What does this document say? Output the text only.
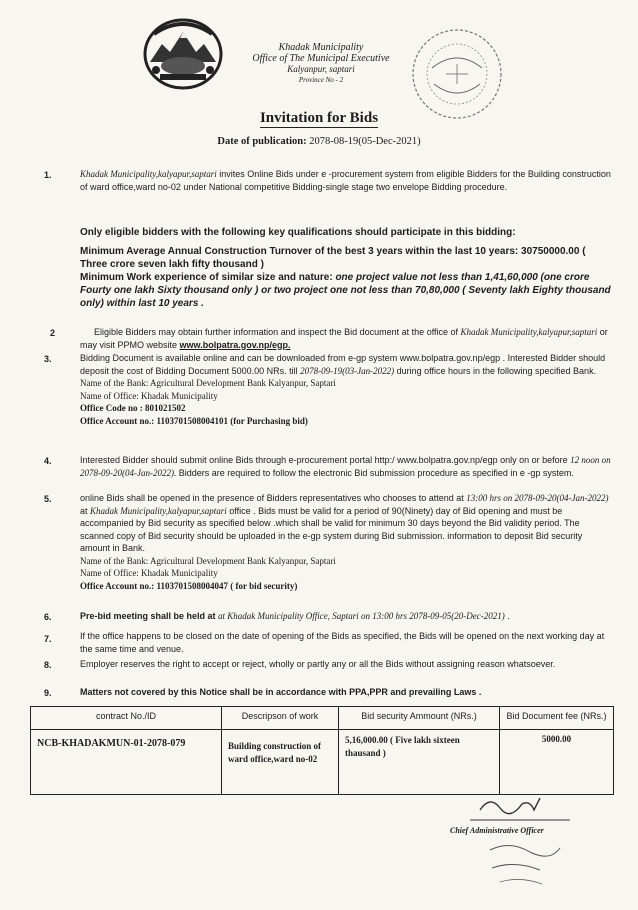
Khadak Municipality
Office of The Municipal Executive
Kalyanpur, saptari
Province No - 2
Invitation for Bids
Date of publication: 2078-08-19(05-Dec-2021)
1.	Khadak Municipality,kalyapur,saptari invites Online Bids under e -procurement system from eligible Bidders for the Building construction of ward office,ward no-02 under National competitive Bidding-single stage two envelope Bidding procedure.

Only eligible bidders with the following key qualifications should participate in this bidding:

Minimum Average Annual Construction Turnover of the best 3 years within the last 10 years: 30750000.00 ( Three crore seven lakh fifty thousand )

Minimum Work experience of similar size and nature: one project value not less than 1,41,60,000 (one crore Fourty one lakh Sixty thousand only ) or two project one not less than 70,80,000 ( Seventy lakh Eighty thousand only) within last 10 years .

2	Eligible Bidders may obtain further information and inspect the Bid document at the office of Khadak Municipality,kalyapur,saptari or may visit PPMO website www.bolpatra.gov.np/egp.

3.	Bidding Document is available online and can be downloaded from e-gp system www.bolpatra.gov.np/egp . Interested Bidder should deposit the cost of Bidding Document 5000.00 NRs. till 2078-09-19(03-Jan-2022) during office hours in the following specified Bank.

Name of the Bank: Agricultural Development Bank Kalyanpur, Saptari

Name of Office: Khadak Municipality

Office Code no : 801021502

Office Account no.: 1103701508004101 (for Purchasing bid)

4.	Interested Bidder should submit online Bids through e-procurement portal http:/ www.bolpatra.gov.np/egp only on or before 12 noon on 2078-09-20(04-Jan-2022). Bidders are required to follow the electronic Bid submission procedure as specified in e -gp system.

5.	online Bids shall be opened in the presence of Bidders representatives who chooses to attend at 13:00 hrs on 2078-09-20(04-Jan-2022) at Khadak Municipality,kalyapur,saptari office . Bids must be valid for a period of 90(Ninety) day of Bid opening and must be accompanied by Bid security as specified below .which shall be valid for minimum 30 days beyond the Bid validity period. The scanned copy of Bid security should be uploaded in the e-gp system during Bid submission. information to deposit Bid security amount in Bank.

Name of the Bank: Agricultural Development Bank Kalyanpur, Saptari

Name of Office: Khadak Municipality

Office Account no.: 1103701508004047 ( for bid security)

6.	Pre-bid meeting shall be held at at Khadak Municipality Office, Saptari on 13:00 hrs 2078-09-05(20-Dec-2021) .

7.	If the office happens to be closed on the date of opening of the Bids as specified, the Bids will be opened on the next working day at the same time and venue.
8.	Employer reserves the right to accept or reject, wholly or partly any or all the Bids without assigning reason whatsoever.
9.	Matters not covered by this Notice shall be in accordance with PPA,PPR and prevailing Laws .
contract No./ID	Descripson of work	Bid security Ammount (NRs.)	Bid Document fee (NRs.)
NCB-KHADAKMUN-01-2078-079	Building construction of ward office,ward no-02	5,16,000.00 ( Five lakh sixteen thausand )	5000.00
Chief Administrative Officer
